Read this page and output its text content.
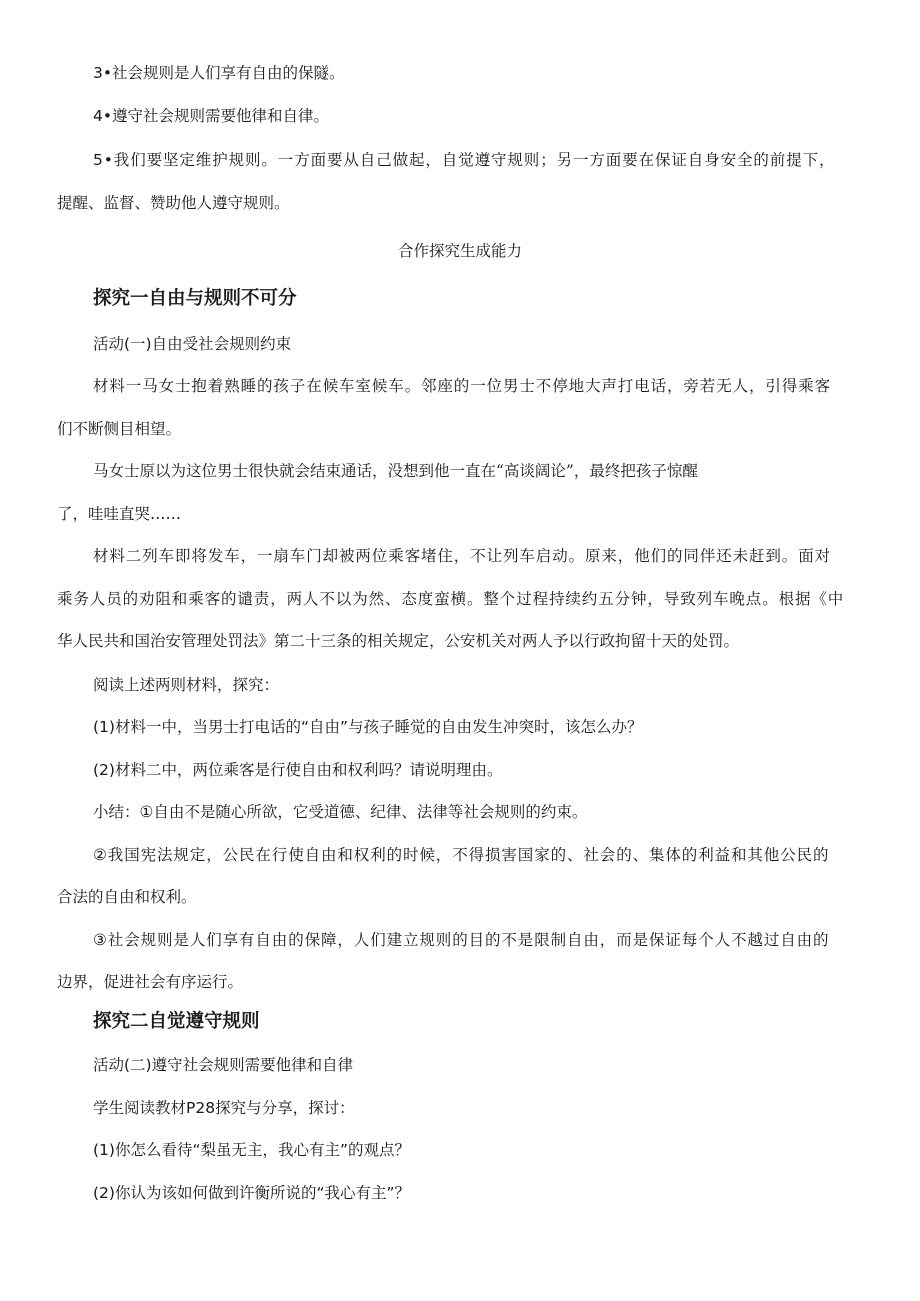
3•社会规则是人们享有自由的保隧。

4•遵守社会规则需要他律和自律。

5•我们要坚定维护规则。一方面要从自己做起，自觉遵守规则；另一方面要在保证自身安全的前提下，

提醒、监督、赞助他人遵守规则。

合作探究生成能力

探究一自由与规则不可分

活动(一)自由受社会规则约束

材料一马女士抱着熟睡的孩子在候车室候车。邻座的一位男士不停地大声打电话，旁若无人，引得乘客

们不断侧目相望。

马女士原以为这位男士很快就会结束通话，没想到他一直在“高谈阔论”，最终把孩子惊醒

了，哇哇直哭……

材料二列车即将发车，一扇车门却被两位乘客堵住，不让列车启动。原来，他们的同伴还未赶到。面对

乘务人员的劝阻和乘客的谴责，两人不以为然、态度蛮横。整个过程持续约五分钟，导致列车晚点。根据《中

华人民共和国治安管理处罚法》第二十三条的相关规定，公安机关对两人予以行政拘留十天的处罚。

阅读上述两则材料，探究：

(1)材料一中，当男士打电话的“自由”与孩子睡觉的自由发生冲突时，该怎么办？

(2)材料二中，两位乘客是行使自由和权利吗？请说明理由。

小结：①自由不是随心所欲，它受道德、纪律、法律等社会规则的约束。

②我国宪法规定，公民在行使自由和权利的时候，不得损害国家的、社会的、集体的利益和其他公民的

合法的自由和权利。

③社会规则是人们享有自由的保障，人们建立规则的目的不是限制自由，而是保证每个人不越过自由的

边界，促进社会有序运行。

探究二自觉遵守规则

活动(二)遵守社会规则需要他律和自律

学生阅读教材P28探究与分享，探讨：

(1)你怎么看待“梨虽无主，我心有主”的观点？

(2)你认为该如何做到许衡所说的“我心有主”？
